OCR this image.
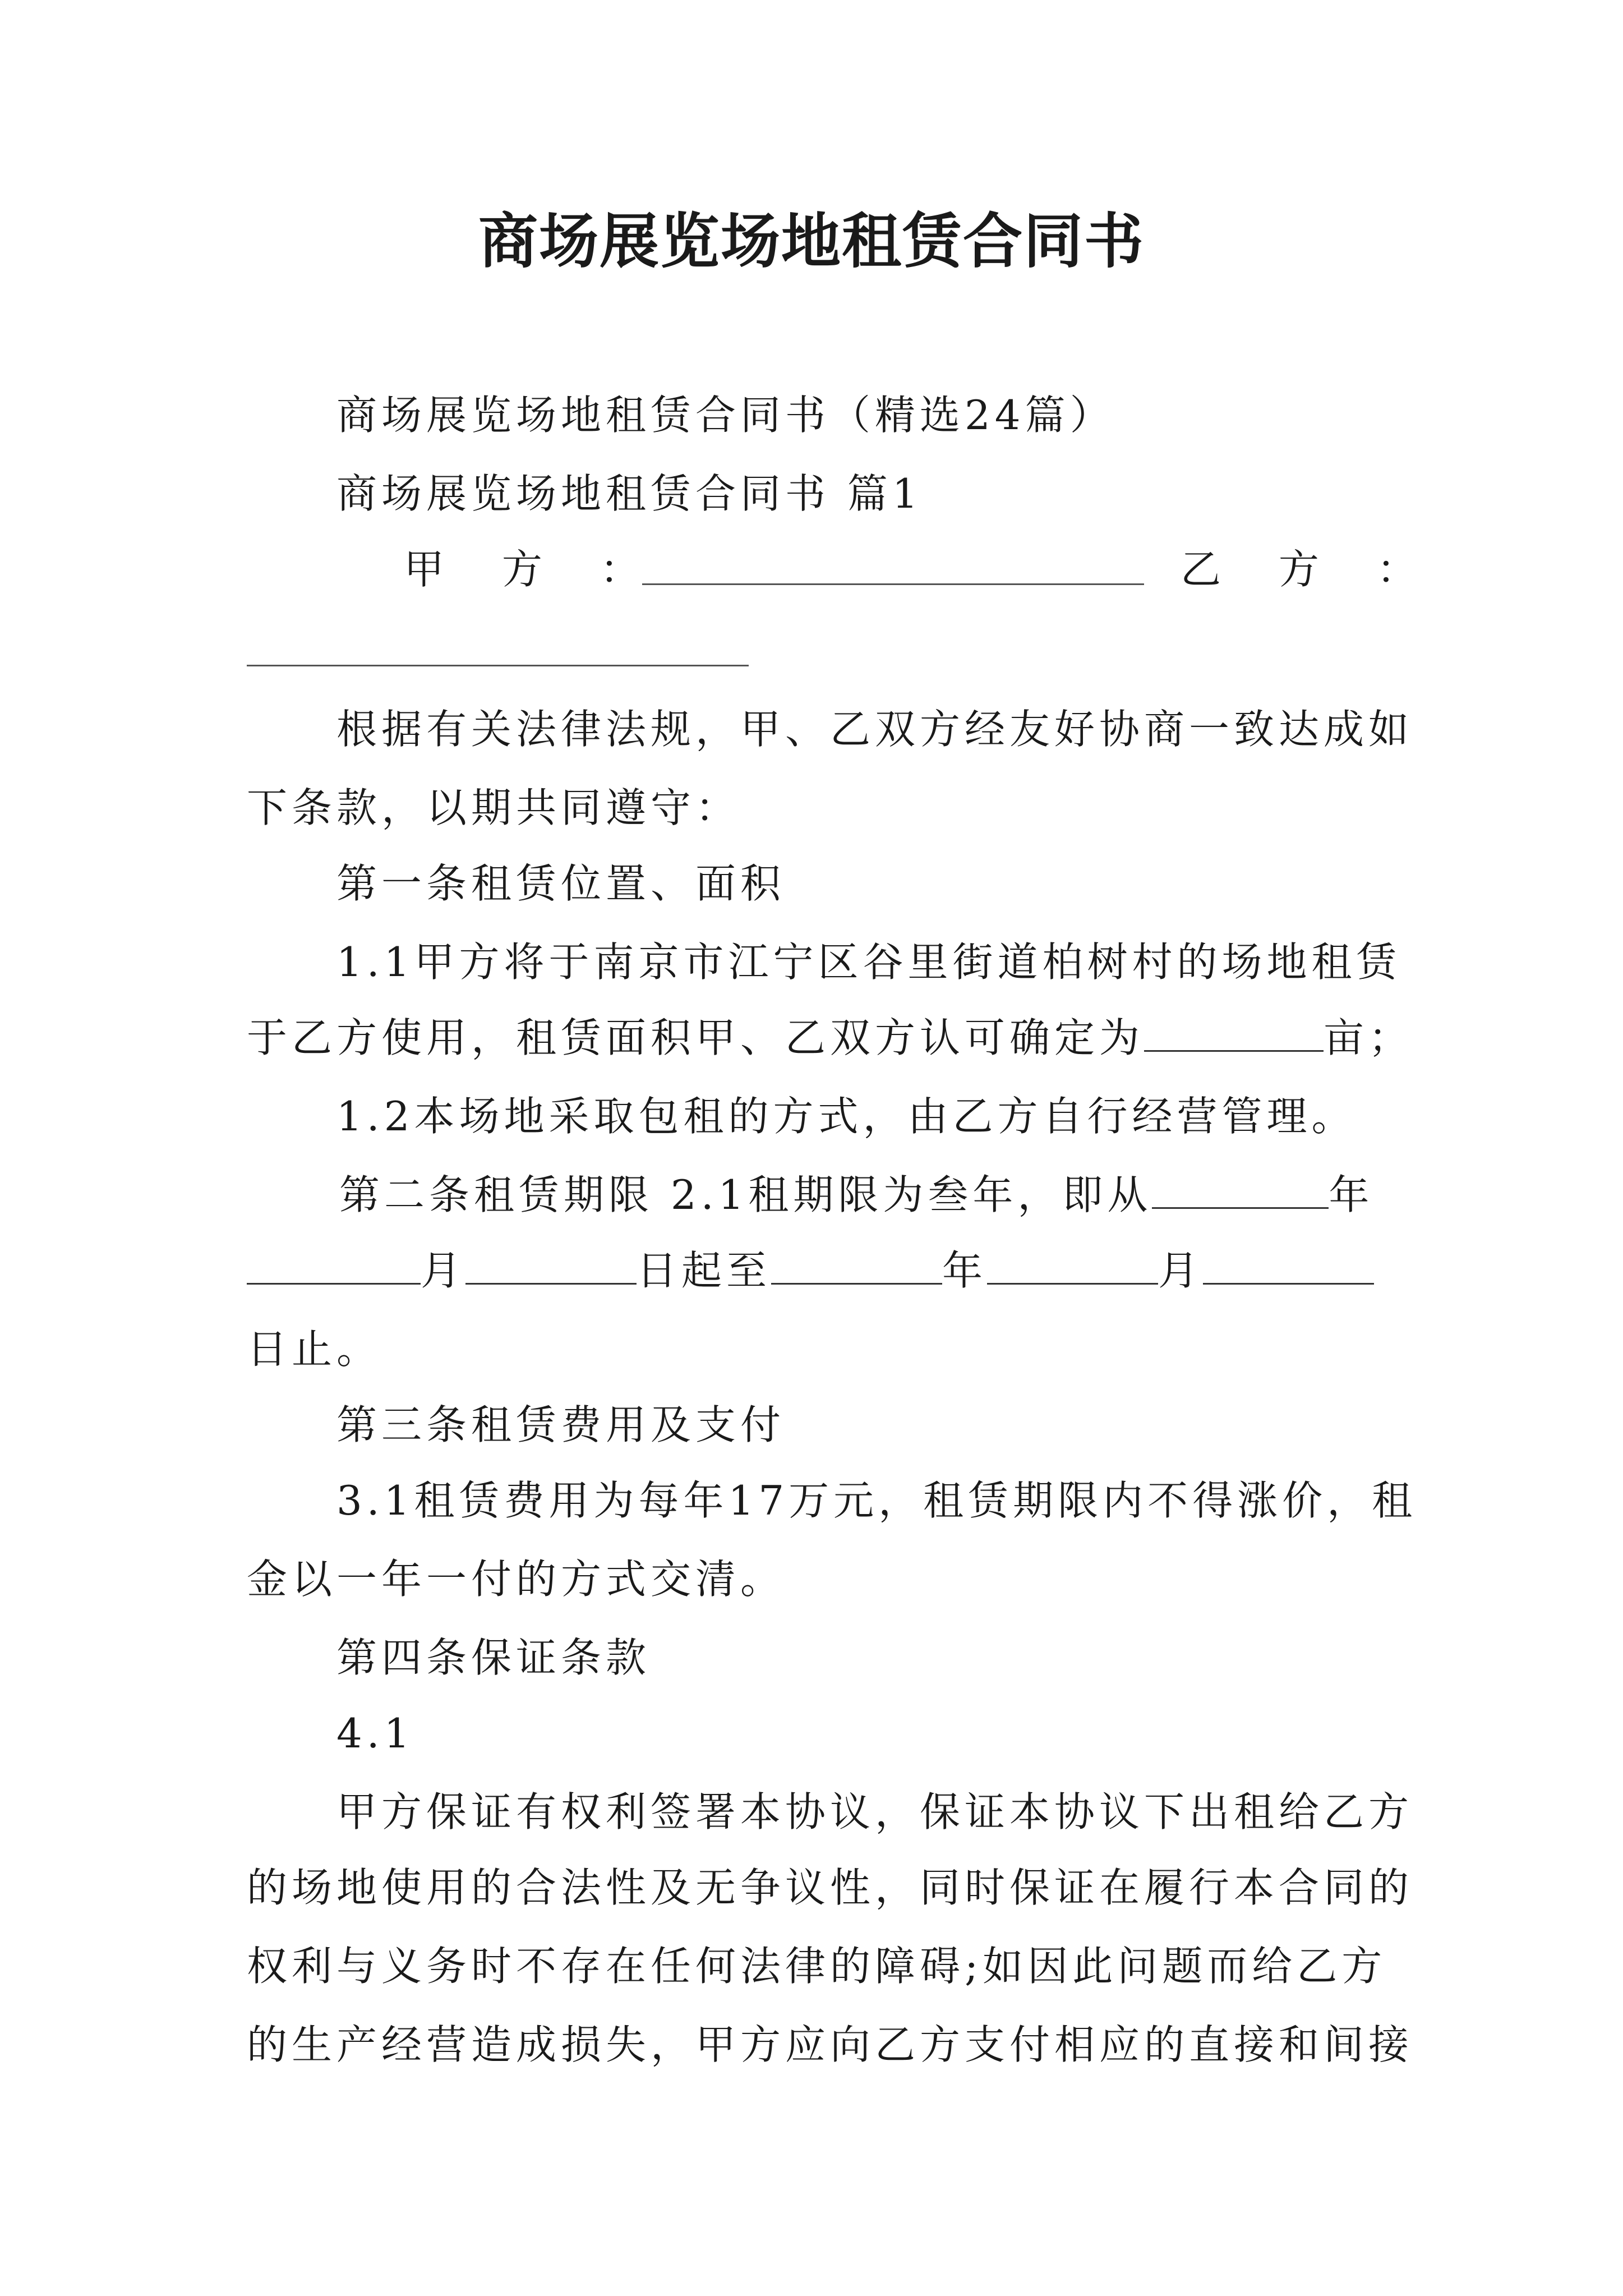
商场展览场地租赁合同书
商场展览场地租赁合同书（精选24篇）
商场展览场地租赁合同书 篇1
甲 方 ：	乙 方 ：
根据有关法律法规，甲、乙双方经友好协商一致达成如
下条款，以期共同遵守：
第一条租赁位置、面积
1.1甲方将于南京市江宁区谷里街道柏树村的场地租赁
于乙方使用，租赁面积甲、乙双方认可确定为	亩；
1.2本场地采取包租的方式，由乙方自行经营管理。
第二条租赁期限 2.1租期限为叁年，即从	年
月	日起至	年	月
日止。
第三条租赁费用及支付
3.1租赁费用为每年17万元，租赁期限内不得涨价，租
金以一年一付的方式交清。
第四条保证条款
4.1
甲方保证有权利签署本协议，保证本协议下出租给乙方
的场地使用的合法性及无争议性，同时保证在履行本合同的
权利与义务时不存在任何法律的障碍;如因此问题而给乙方
的生产经营造成损失，甲方应向乙方支付相应的直接和间接
